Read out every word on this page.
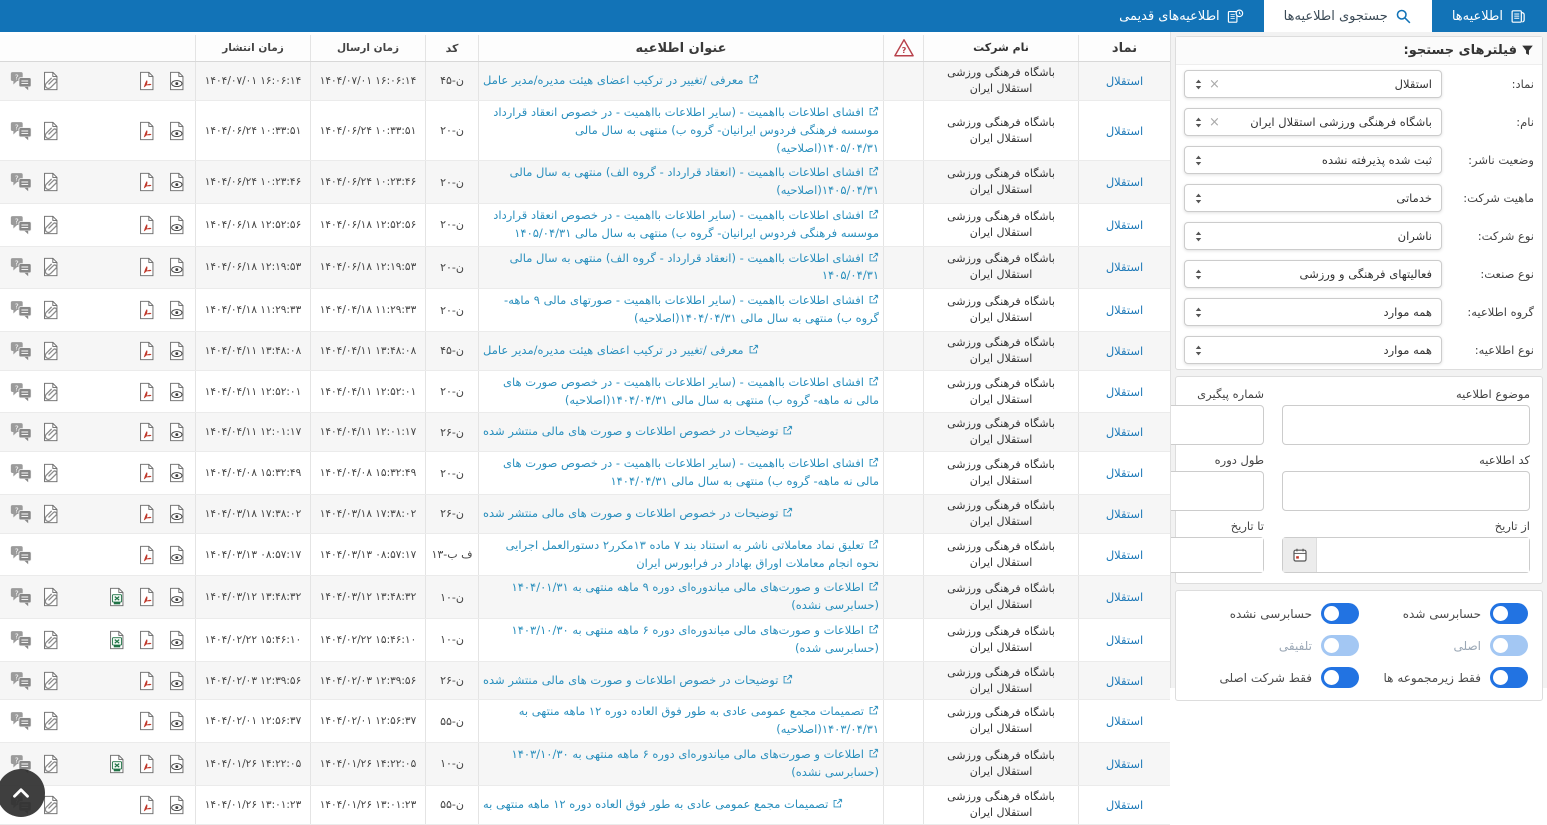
اطلاعیه‌ها
جستجوی اطلاعیه‌ها
اطلاعیه‌های قدیمی
فیلترهای جستجو:
نماد:
استقلال
×
نام:
باشگاه فرهنگی ورزشی استقلال ایران
×
وضعیت ناشر:
ثبت شده پذیرفته نشده
ماهیت شرکت:
خدماتی
نوع شرکت:
ناشران
نوع صنعت:
فعالیتهای فرهنگی و ورزشی
گروه اطلاعیه:
همه موارد
نوع اطلاعیه:
همه موارد
موضوع اطلاعیه
شماره پیگیری
کد اطلاعیه
طول دوره
از تاریخ
تا تاریخ
حسابرسی شده
حسابرسی نشده
اصلی
تلفیقی
فقط زیرمجموعه ها
فقط شرکت اصلی
نماد
نام شرکت
عنوان اطلاعیه
کد
زمان ارسال
زمان انتشار
استقلال
باشگاه فرهنگی ورزشی استقلال ایران
معرفی /تغییر در ترکیب اعضای هیئت مدیره/مدیر عامل
ن-۴۵
۱۴۰۴/۰۷/۰۱ ۱۶:۰۶:۱۴
۱۴۰۴/۰۷/۰۱ ۱۶:۰۶:۱۴
استقلال
باشگاه فرهنگی ورزشی استقلال ایران
افشای اطلاعات بااهمیت - (سایر اطلاعات بااهمیت - در خصوص انعقاد قرارداد موسسه فرهنگی فردوس ایرانیان- گروه ب) منتهی به سال مالی ۱۴۰۵/۰۴/۳۱(اصلاحیه)
ن-۲۰
۱۴۰۴/۰۶/۲۴ ۱۰:۳۳:۵۱
۱۴۰۴/۰۶/۲۴ ۱۰:۳۳:۵۱
استقلال
باشگاه فرهنگی ورزشی استقلال ایران
افشای اطلاعات بااهمیت - (انعقاد قرارداد - گروه الف) منتهی به سال مالی ۱۴۰۵/۰۴/۳۱(اصلاحیه)
ن-۲۰
۱۴۰۴/۰۶/۲۴ ۱۰:۲۳:۴۶
۱۴۰۴/۰۶/۲۴ ۱۰:۲۳:۴۶
استقلال
باشگاه فرهنگی ورزشی استقلال ایران
افشای اطلاعات بااهمیت - (سایر اطلاعات بااهمیت - در خصوص انعقاد قرارداد موسسه فرهنگی فردوس ایرانیان- گروه ب) منتهی به سال مالی ۱۴۰۵/۰۴/۳۱
ن-۲۰
۱۴۰۴/۰۶/۱۸ ۱۲:۵۲:۵۶
۱۴۰۴/۰۶/۱۸ ۱۲:۵۲:۵۶
استقلال
باشگاه فرهنگی ورزشی استقلال ایران
افشای اطلاعات بااهمیت - (انعقاد قرارداد - گروه الف) منتهی به سال مالی ۱۴۰۵/۰۴/۳۱
ن-۲۰
۱۴۰۴/۰۶/۱۸ ۱۲:۱۹:۵۳
۱۴۰۴/۰۶/۱۸ ۱۲:۱۹:۵۳
استقلال
باشگاه فرهنگی ورزشی استقلال ایران
افشای اطلاعات بااهمیت - (سایر اطلاعات بااهمیت - صورتهای مالی ۹ ماهه- گروه ب) منتهی به سال مالی ۱۴۰۴/۰۴/۳۱(اصلاحیه)
ن-۲۰
۱۴۰۴/۰۴/۱۸ ۱۱:۲۹:۳۳
۱۴۰۴/۰۴/۱۸ ۱۱:۲۹:۳۳
استقلال
باشگاه فرهنگی ورزشی استقلال ایران
معرفی /تغییر در ترکیب اعضای هیئت مدیره/مدیر عامل
ن-۴۵
۱۴۰۴/۰۴/۱۱ ۱۳:۴۸:۰۸
۱۴۰۴/۰۴/۱۱ ۱۳:۴۸:۰۸
استقلال
باشگاه فرهنگی ورزشی استقلال ایران
افشای اطلاعات بااهمیت - (سایر اطلاعات بااهمیت - در خصوص صورت های مالی نه ماهه- گروه ب) منتهی به سال مالی ۱۴۰۴/۰۴/۳۱(اصلاحیه)
ن-۲۰
۱۴۰۴/۰۴/۱۱ ۱۲:۵۲:۰۱
۱۴۰۴/۰۴/۱۱ ۱۲:۵۲:۰۱
استقلال
باشگاه فرهنگی ورزشی استقلال ایران
توضیحات در خصوص اطلاعات و صورت های مالی منتشر شده
ن-۲۶
۱۴۰۴/۰۴/۱۱ ۱۲:۰۱:۱۷
۱۴۰۴/۰۴/۱۱ ۱۲:۰۱:۱۷
استقلال
باشگاه فرهنگی ورزشی استقلال ایران
افشای اطلاعات بااهمیت - (سایر اطلاعات بااهمیت - در خصوص صورت های مالی نه ماهه- گروه ب) منتهی به سال مالی ۱۴۰۴/۰۴/۳۱
ن-۲۰
۱۴۰۴/۰۴/۰۸ ۱۵:۳۲:۴۹
۱۴۰۴/۰۴/۰۸ ۱۵:۳۲:۴۹
استقلال
باشگاه فرهنگی ورزشی استقلال ایران
توضیحات در خصوص اطلاعات و صورت های مالی منتشر شده
ن-۲۶
۱۴۰۴/۰۳/۱۸ ۱۷:۳۸:۰۲
۱۴۰۴/۰۳/۱۸ ۱۷:۳۸:۰۲
استقلال
باشگاه فرهنگی ورزشی استقلال ایران
تعلیق نماد معاملاتی ناشر به استناد بند ۷ ماده ۱۳مکرر۲ دستورالعمل اجرایی نحوه انجام معاملات اوراق بهادار در فرابورس ایران
ف ب-۱۳
۱۴۰۴/۰۳/۱۳ ۰۸:۵۷:۱۷
۱۴۰۴/۰۳/۱۳ ۰۸:۵۷:۱۷
استقلال
باشگاه فرهنگی ورزشی استقلال ایران
اطلاعات و صورت‌های مالی میاندوره‌ای دوره ۹ ماهه منتهی به ۱۴۰۴/۰۱/۳۱ (حسابرسی نشده)
ن-۱۰
۱۴۰۴/۰۳/۱۲ ۱۳:۴۸:۳۲
۱۴۰۴/۰۳/۱۲ ۱۳:۴۸:۳۲
استقلال
باشگاه فرهنگی ورزشی استقلال ایران
اطلاعات و صورت‌های مالی میاندوره‌ای دوره ۶ ماهه منتهی به ۱۴۰۳/۱۰/۳۰ (حسابرسی شده)
ن-۱۰
۱۴۰۴/۰۲/۲۲ ۱۵:۴۶:۱۰
۱۴۰۴/۰۲/۲۲ ۱۵:۴۶:۱۰
استقلال
باشگاه فرهنگی ورزشی استقلال ایران
توضیحات در خصوص اطلاعات و صورت های مالی منتشر شده
ن-۲۶
۱۴۰۴/۰۲/۰۳ ۱۲:۳۹:۵۶
۱۴۰۴/۰۲/۰۳ ۱۲:۳۹:۵۶
استقلال
باشگاه فرهنگی ورزشی استقلال ایران
تصمیمات مجمع عمومی عادی به طور فوق العاده دوره ۱۲ ماهه منتهی به ۱۴۰۳/۰۴/۳۱(اصلاحیه)
ن-۵۵
۱۴۰۴/۰۲/۰۱ ۱۲:۵۶:۳۷
۱۴۰۴/۰۲/۰۱ ۱۲:۵۶:۳۷
استقلال
باشگاه فرهنگی ورزشی استقلال ایران
اطلاعات و صورت‌های مالی میاندوره‌ای دوره ۶ ماهه منتهی به ۱۴۰۳/۱۰/۳۰ (حسابرسی نشده)
ن-۱۰
۱۴۰۴/۰۱/۲۶ ۱۴:۲۲:۰۵
۱۴۰۴/۰۱/۲۶ ۱۴:۲۲:۰۵
استقلال
باشگاه فرهنگی ورزشی استقلال ایران
تصمیمات مجمع عمومی عادی به طور فوق العاده دوره ۱۲ ماهه منتهی به
ن-۵۵
۱۴۰۴/۰۱/۲۶ ۱۳:۰۱:۲۳
۱۴۰۴/۰۱/۲۶ ۱۳:۰۱:۲۳
